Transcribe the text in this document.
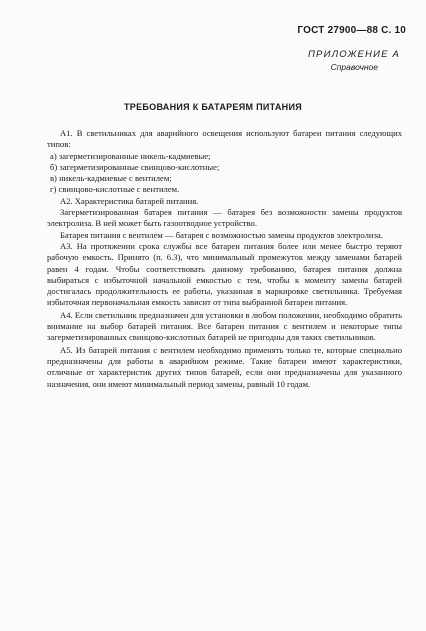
ГОСТ 27900—88 С. 10
ПРИЛОЖЕНИЕ А
Справочное
ТРЕБОВАНИЯ К БАТАРЕЯМ ПИТАНИЯ

А1. В светильниках для аварийного освещения используют батареи питания следующих типов:

а) загерметизированные никель-кадмиевые;

б) загерметизированные свинцово-кислотные;

в) никель-кадмиевые с вентилем;

г) свинцово-кислотные с вентилем.

А2. Характеристика батарей питания.

Загерметизированная батарея питания — батарея без возможности замены продуктов электролиза. В ней может быть газоотводное устройство.

Батарея питания с вентилем — батарея с возможностью замены продуктов электролиза.

А3. На протяжении срока службы все батареи питания более или менее быстро теряют рабочую емкость. Принято (п. 6.3), что минимальный промежуток между заменами батарей равен 4 годам. Чтобы соответствовать данному требованию, батарея питания должна выбираться с избыточной начальной емкостью с тем, чтобы к моменту замены батарей достигалась продолжительность ее работы, указанная в маркировке светильника. Требуемая избыточная первоначальная емкость зависит от типа выбранной батареи питания.

А4. Если светильник предназначен для установки в любом положении, необходимо обратить внимание на выбор батарей питания. Все батареи питания с вентилем и некоторые типы загерметизированных свинцово-кислотных батарей не пригодны для таких светильников.

А5. Из батарей питания с вентилем необходимо применять только те, которые специально предназначены для работы в аварийном режиме. Такие батареи имеют характеристики, отличные от характеристик других типов батарей, если они предназначены для указанного назначения, они имеют минимальный период замены, равный 10 годам.
